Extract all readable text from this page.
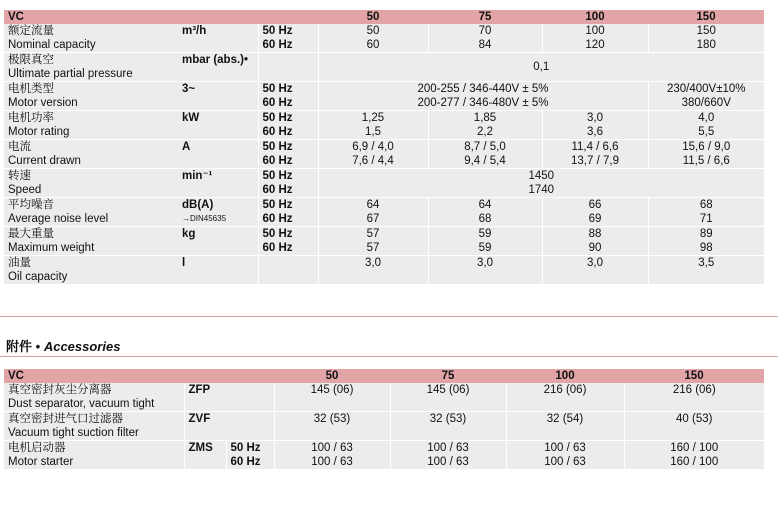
VC			50	75	100	150
额定流量	m³/h	50 Hz	50	70	100	150
Nominal capacity		60 Hz	60	84	120	180
极限真空	mbar (abs.)•		0,1			
Ultimate partial pressure						
电机类型	3~	50 Hz	200-255 / 346-440V ± 5%			230/400V±10%
Motor version		60 Hz	200-277 / 346-480V ± 5%			380/660V
电机功率	kW	50 Hz	1,25	1,85	3,0	4,0
Motor rating		60 Hz	1,5	2,2	3,6	5,5
电流	A	50 Hz	6,9 / 4,0	8,7 / 5,0	11,4 / 6,6	15,6 / 9,0
Current drawn		60 Hz	7,6 / 4,4	9,4 / 5,4	13,7 / 7,9	11,5 / 6,6
转速	min⁻¹	50 Hz	1450			
Speed		60 Hz	1740			
平均噪音	dB(A)	50 Hz	64	64	66	68
Average noise level	→DIN45635	60 Hz	67	68	69	71
最大重量	kg	50 Hz	57	59	88	89
Maximum weight		60 Hz	57	59	90	98
油量	l		3,0	3,0	3,0	3,5
Oil capacity						
附件 • Accessories
VC			50	75	100	150
真空密封灰尘分离器	ZFP		145 (06)	145 (06)	216 (06)	216 (06)
Dust separator, vacuum tight						
真空密封进气口过滤器	ZVF		32 (53)	32 (53)	32 (54)	40 (53)
Vacuum tight suction filter						
电机启动器	ZMS	50 Hz	100 / 63	100 / 63	100 / 63	160 / 100
Motor starter		60 Hz	100 / 63	100 / 63	100 / 63	160 / 100
